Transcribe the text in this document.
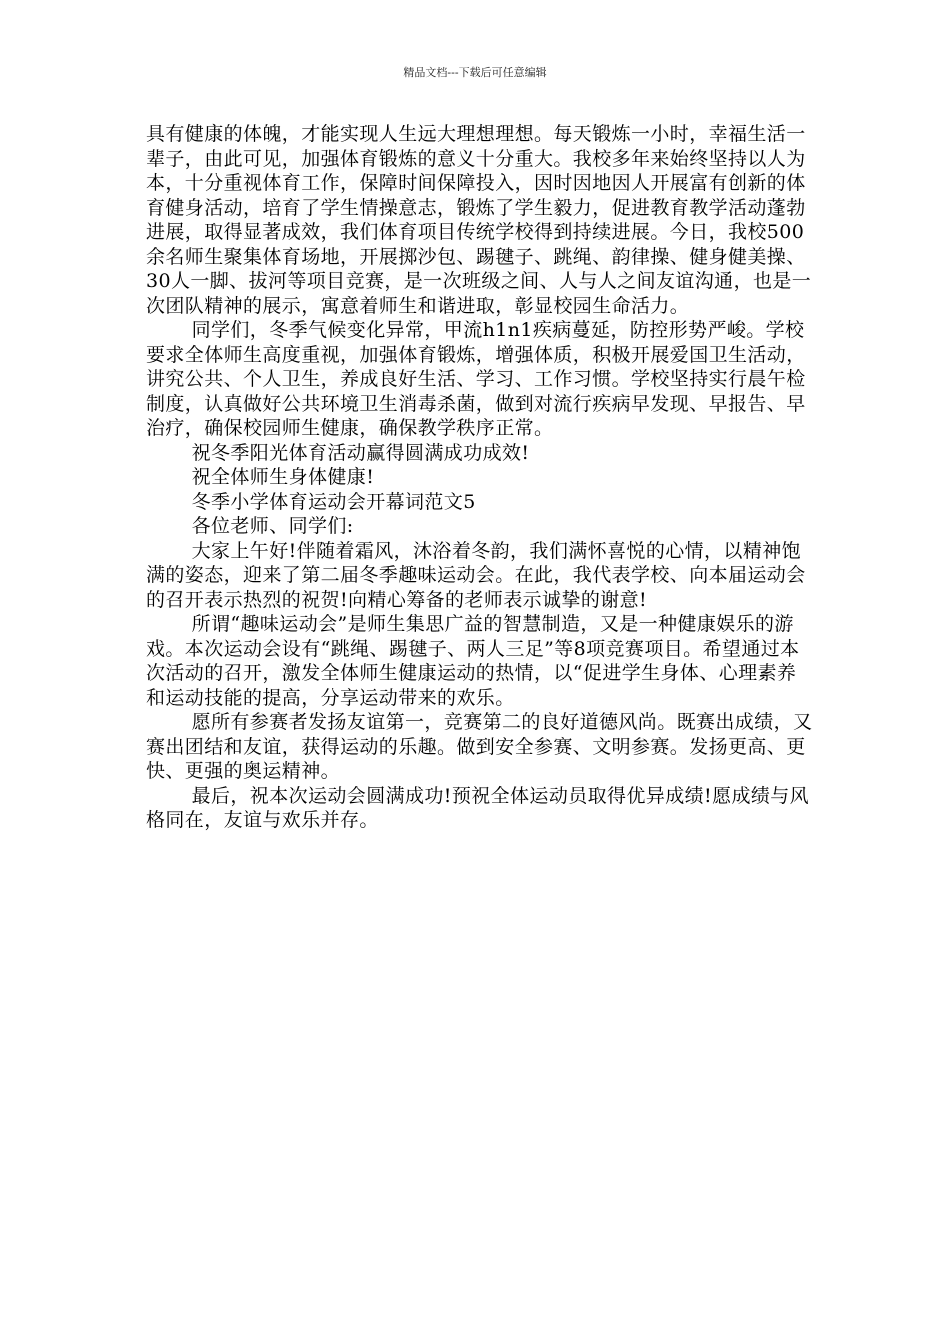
精品文档---下载后可任意编辑

具有健康的体魄，才能实现人生远大理想理想。每天锻炼一小时，幸福生活一辈子，由此可见，加强体育锻炼的意义十分重大。我校多年来始终坚持以人为本，十分重视体育工作，保障时间保障投入，因时因地因人开展富有创新的体育健身活动，培育了学生情操意志，锻炼了学生毅力，促进教育教学活动蓬勃进展，取得显著成效，我们体育项目传统学校得到持续进展。今日，我校500余名师生聚集体育场地，开展掷沙包、踢毽子、跳绳、韵律操、健身健美操、30人一脚、拔河等项目竞赛，是一次班级之间、人与人之间友谊沟通，也是一次团队精神的展示，寓意着师生和谐进取，彰显校园生命活力。

同学们，冬季气候变化异常，甲流h1n1疾病蔓延，防控形势严峻。学校要求全体师生高度重视，加强体育锻炼，增强体质，积极开展爱国卫生活动，讲究公共、个人卫生，养成良好生活、学习、工作习惯。学校坚持实行晨午检制度，认真做好公共环境卫生消毒杀菌，做到对流行疾病早发现、早报告、早治疗，确保校园师生健康，确保教学秩序正常。

祝冬季阳光体育活动赢得圆满成功成效!

祝全体师生身体健康!

冬季小学体育运动会开幕词范文5

各位老师、同学们:

大家上午好!伴随着霜风，沐浴着冬韵，我们满怀喜悦的心情，以精神饱满的姿态，迎来了第二届冬季趣味运动会。在此，我代表学校、向本届运动会的召开表示热烈的祝贺!向精心筹备的老师表示诚挚的谢意!

所谓“趣味运动会”是师生集思广益的智慧制造，又是一种健康娱乐的游戏。本次运动会设有“跳绳、踢毽子、两人三足”等8项竞赛项目。希望通过本次活动的召开，激发全体师生健康运动的热情，以“促进学生身体、心理素养和运动技能的提高，分享运动带来的欢乐。

愿所有参赛者发扬友谊第一，竞赛第二的良好道德风尚。既赛出成绩，又赛出团结和友谊，获得运动的乐趣。做到安全参赛、文明参赛。发扬更高、更快、更强的奥运精神。

最后，祝本次运动会圆满成功!预祝全体运动员取得优异成绩!愿成绩与风格同在，友谊与欢乐并存。
